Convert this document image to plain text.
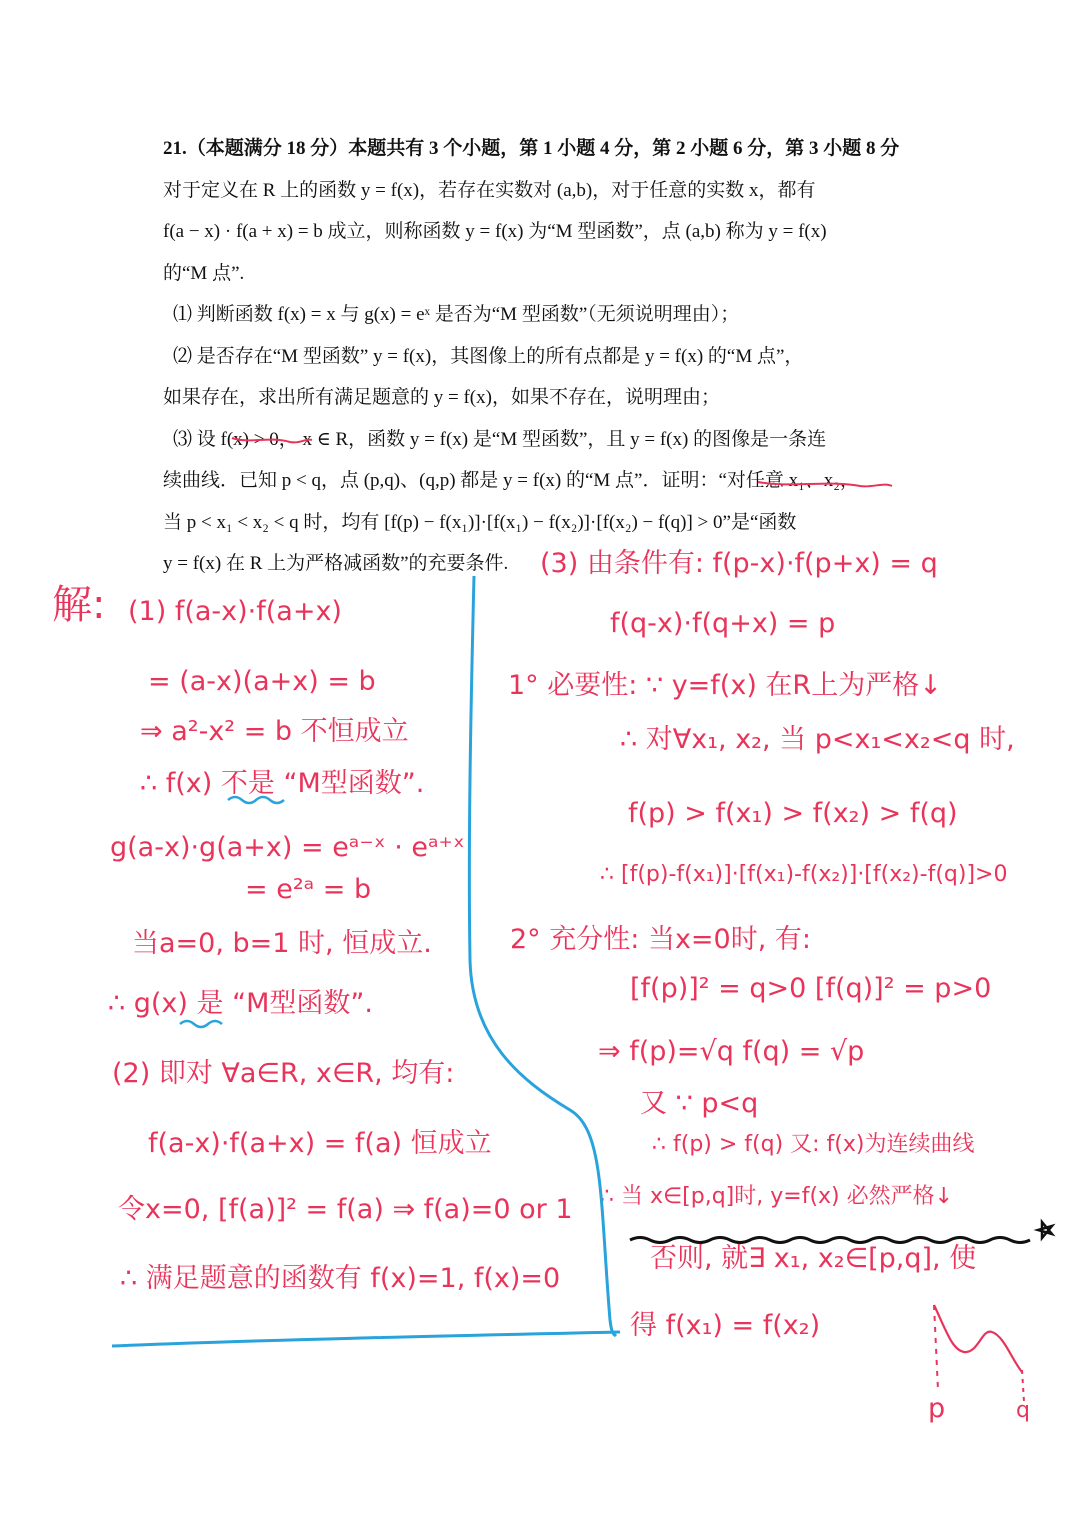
21.（本题满分 18 分）本题共有 3 个小题，第 1 小题 4 分，第 2 小题 6 分，第 3 小题 8 分

对于定义在 R 上的函数 y = f(x)，若存在实数对 (a,b)，对于任意的实数 x，都有

f(a − x) · f(a + x) = b 成立，则称函数 y = f(x) 为“M 型函数”，点 (a,b) 称为 y = f(x)

的“M 点”.

⑴ 判断函数 f(x) = x 与 g(x) = eˣ 是否为“M 型函数”（无须说明理由）；

⑵ 是否存在“M 型函数” y = f(x)，其图像上的所有点都是 y = f(x) 的“M 点”，

如果存在，求出所有满足题意的 y = f(x)，如果不存在，说明理由；

⑶ 设 f(x) > 0， x ∈ R，函数 y = f(x) 是“M 型函数”，且 y = f(x) 的图像是一条连

续曲线．已知 p < q，点 (p,q)、(q,p) 都是 y = f(x) 的“M 点”．证明：“对任意 x₁、x₂，

当 p < x₁ < x₂ < q 时，均有 [f(p) − f(x₁)]·[f(x₁) − f(x₂)]·[f(x₂) − f(q)] > 0”是“函数

y = f(x) 在 R 上为严格减函数”的充要条件.

解: (1) f(a-x)·f(a+x)
= (a-x)(a+x) = b
⇒ a²-x² = b 不恒成立
∴ f(x) 不是 “M型函数”.
g(a-x)·g(a+x) = eᵃ⁻ˣ · eᵃ⁺ˣ
= e²ᵃ = b
当a=0, b=1 时, 恒成立.
∴ g(x) 是 “M型函数”.
(2) 即对 ∀a∈R, x∈R, 均有:
f(a-x)·f(a+x) = f(a) 恒成立
令x=0, [f(a)]² = f(a) ⇒ f(a)=0 or 1
∴ 满足题意的函数有 f(x)=1, f(x)=0
(3) 由条件有: f(p-x)·f(p+x) = q
f(q-x)·f(q+x) = p
1° 必要性: ∵ y=f(x) 在R上为严格↓
∴ 对∀x₁, x₂, 当 p<x₁<x₂<q 时,
f(p) > f(x₁) > f(x₂) > f(q)
∴ [f(p)-f(x₁)]·[f(x₁)-f(x₂)]·[f(x₂)-f(q)]>0
2° 充分性: 当x=0时, 有:
[f(p)]² = q>0 [f(q)]² = p>0
⇒ f(p)=√q f(q) = √p
又 ∵ p<q
∴ f(p) > f(q) 又: f(x)为连续曲线
∴ 当 x∈[p,q]时, y=f(x) 必然严格↓
否则, 就∃ x₁, x₂∈[p,q], 使
得 f(x₁) = f(x₂)
p	q
